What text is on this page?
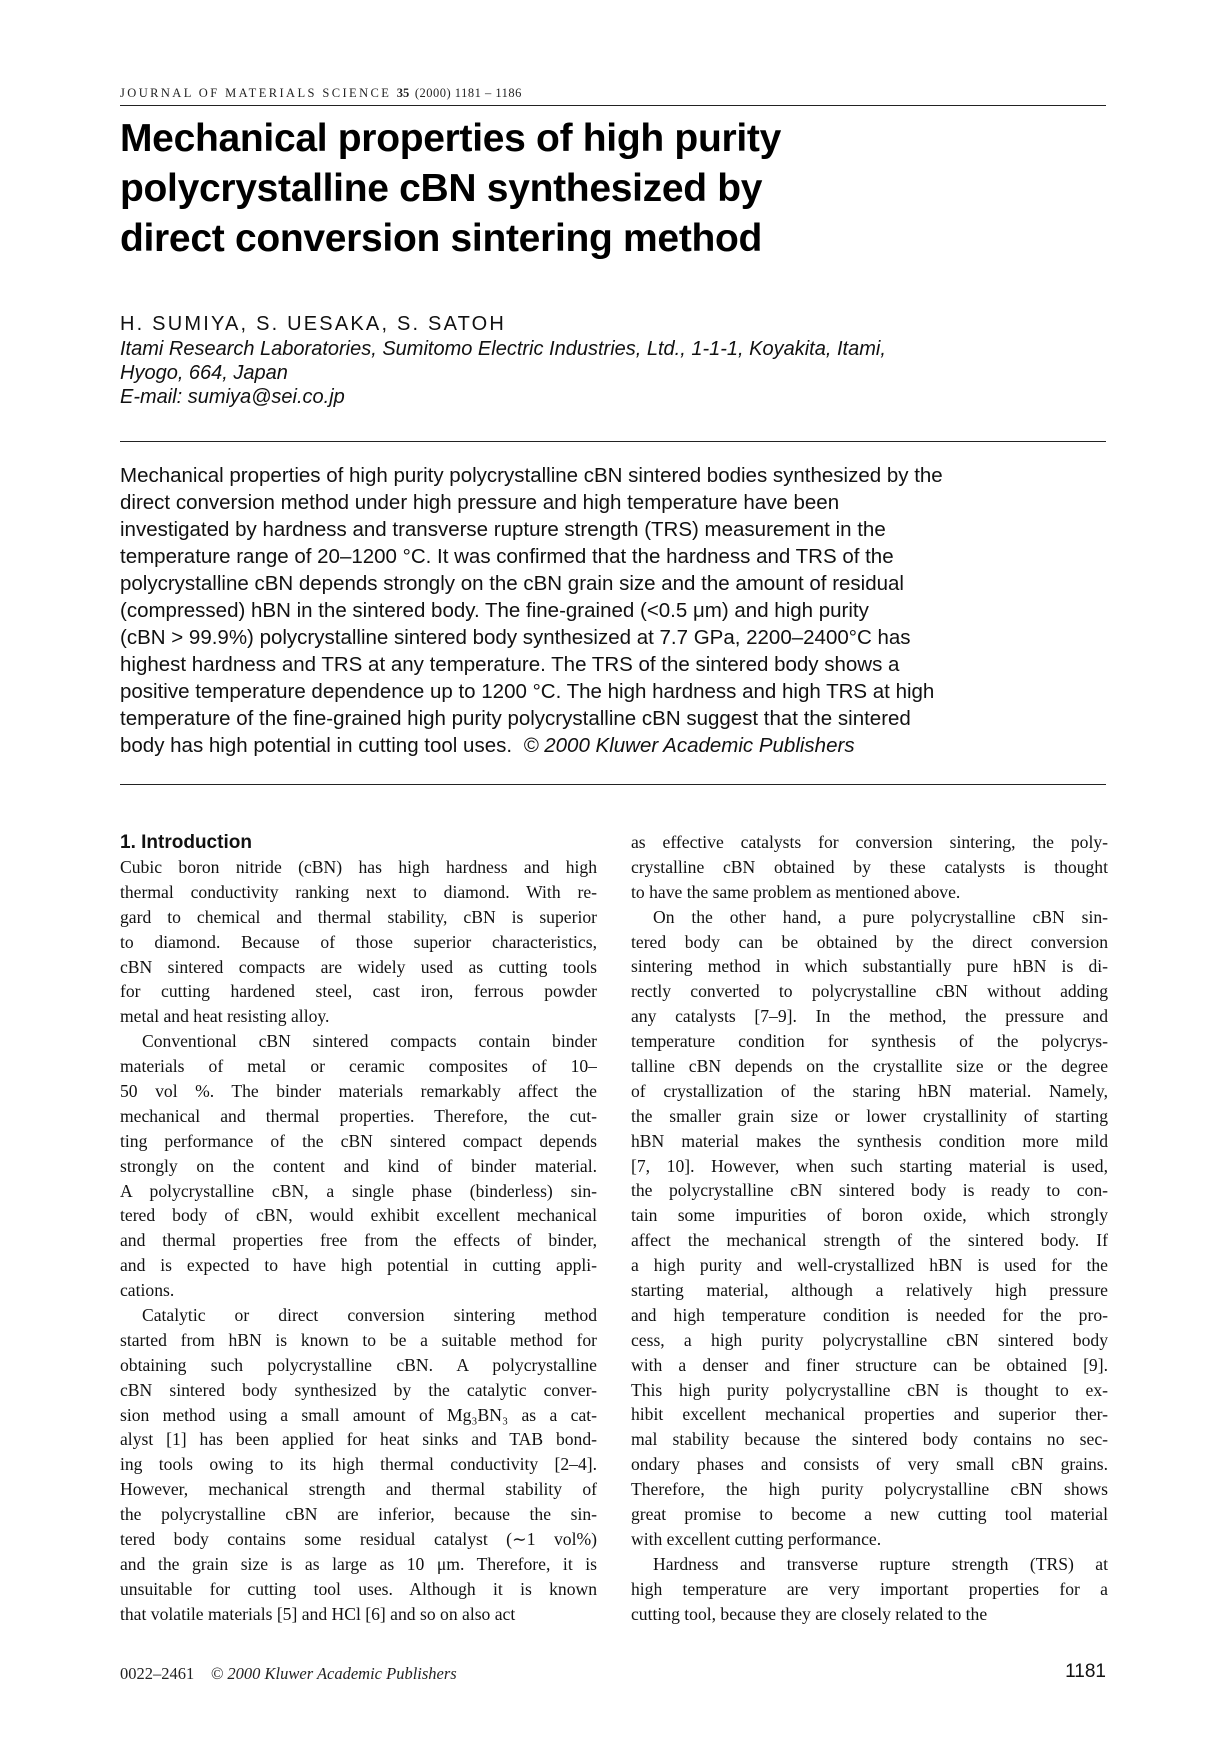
JOURNAL OF MATERIALS SCIENCE 35 (2000) 1181 – 1186
Mechanical properties of high purity
polycrystalline cBN synthesized by
direct conversion sintering method
H. SUMIYA, S. UESAKA, S. SATOH
Itami Research Laboratories, Sumitomo Electric Industries, Ltd., 1-1-1, Koyakita, Itami,
Hyogo, 664, Japan
E-mail: sumiya@sei.co.jp
Mechanical properties of high purity polycrystalline cBN sintered bodies synthesized by the
direct conversion method under high pressure and high temperature have been
investigated by hardness and transverse rupture strength (TRS) measurement in the
temperature range of 20–1200 °C. It was confirmed that the hardness and TRS of the
polycrystalline cBN depends strongly on the cBN grain size and the amount of residual
(compressed) hBN in the sintered body. The fine-grained (<0.5 μm) and high purity
(cBN > 99.9%) polycrystalline sintered body synthesized at 7.7 GPa, 2200–2400°C has
highest hardness and TRS at any temperature. The TRS of the sintered body shows a
positive temperature dependence up to 1200 °C. The high hardness and high TRS at high
temperature of the fine-grained high purity polycrystalline cBN suggest that the sintered
body has high potential in cutting tool uses. © 2000 Kluwer Academic Publishers
1. Introduction
Cubic boron nitride (cBN) has high hardness and high
thermal conductivity ranking next to diamond. With re-
gard to chemical and thermal stability, cBN is superior
to diamond. Because of those superior characteristics,
cBN sintered compacts are widely used as cutting tools
for cutting hardened steel, cast iron, ferrous powder
metal and heat resisting alloy.
Conventional cBN sintered compacts contain binder
materials of metal or ceramic composites of 10–
50 vol %. The binder materials remarkably affect the
mechanical and thermal properties. Therefore, the cut-
ting performance of the cBN sintered compact depends
strongly on the content and kind of binder material.
A polycrystalline cBN, a single phase (binderless) sin-
tered body of cBN, would exhibit excellent mechanical
and thermal properties free from the effects of binder,
and is expected to have high potential in cutting appli-
cations.
Catalytic or direct conversion sintering method
started from hBN is known to be a suitable method for
obtaining such polycrystalline cBN. A polycrystalline
cBN sintered body synthesized by the catalytic conver-
sion method using a small amount of Mg₃BN₃ as a cat-
alyst [1] has been applied for heat sinks and TAB bond-
ing tools owing to its high thermal conductivity [2–4].
However, mechanical strength and thermal stability of
the polycrystalline cBN are inferior, because the sin-
tered body contains some residual catalyst (∼1 vol%)
and the grain size is as large as 10 μm. Therefore, it is
unsuitable for cutting tool uses. Although it is known
that volatile materials [5] and HCl [6] and so on also act
as effective catalysts for conversion sintering, the poly-
crystalline cBN obtained by these catalysts is thought
to have the same problem as mentioned above.
On the other hand, a pure polycrystalline cBN sin-
tered body can be obtained by the direct conversion
sintering method in which substantially pure hBN is di-
rectly converted to polycrystalline cBN without adding
any catalysts [7–9]. In the method, the pressure and
temperature condition for synthesis of the polycrys-
talline cBN depends on the crystallite size or the degree
of crystallization of the staring hBN material. Namely,
the smaller grain size or lower crystallinity of starting
hBN material makes the synthesis condition more mild
[7, 10]. However, when such starting material is used,
the polycrystalline cBN sintered body is ready to con-
tain some impurities of boron oxide, which strongly
affect the mechanical strength of the sintered body. If
a high purity and well-crystallized hBN is used for the
starting material, although a relatively high pressure
and high temperature condition is needed for the pro-
cess, a high purity polycrystalline cBN sintered body
with a denser and finer structure can be obtained [9].
This high purity polycrystalline cBN is thought to ex-
hibit excellent mechanical properties and superior ther-
mal stability because the sintered body contains no sec-
ondary phases and consists of very small cBN grains.
Therefore, the high purity polycrystalline cBN shows
great promise to become a new cutting tool material
with excellent cutting performance.
Hardness and transverse rupture strength (TRS) at
high temperature are very important properties for a
cutting tool, because they are closely related to the
0022–2461 © 2000 Kluwer Academic Publishers	1181
